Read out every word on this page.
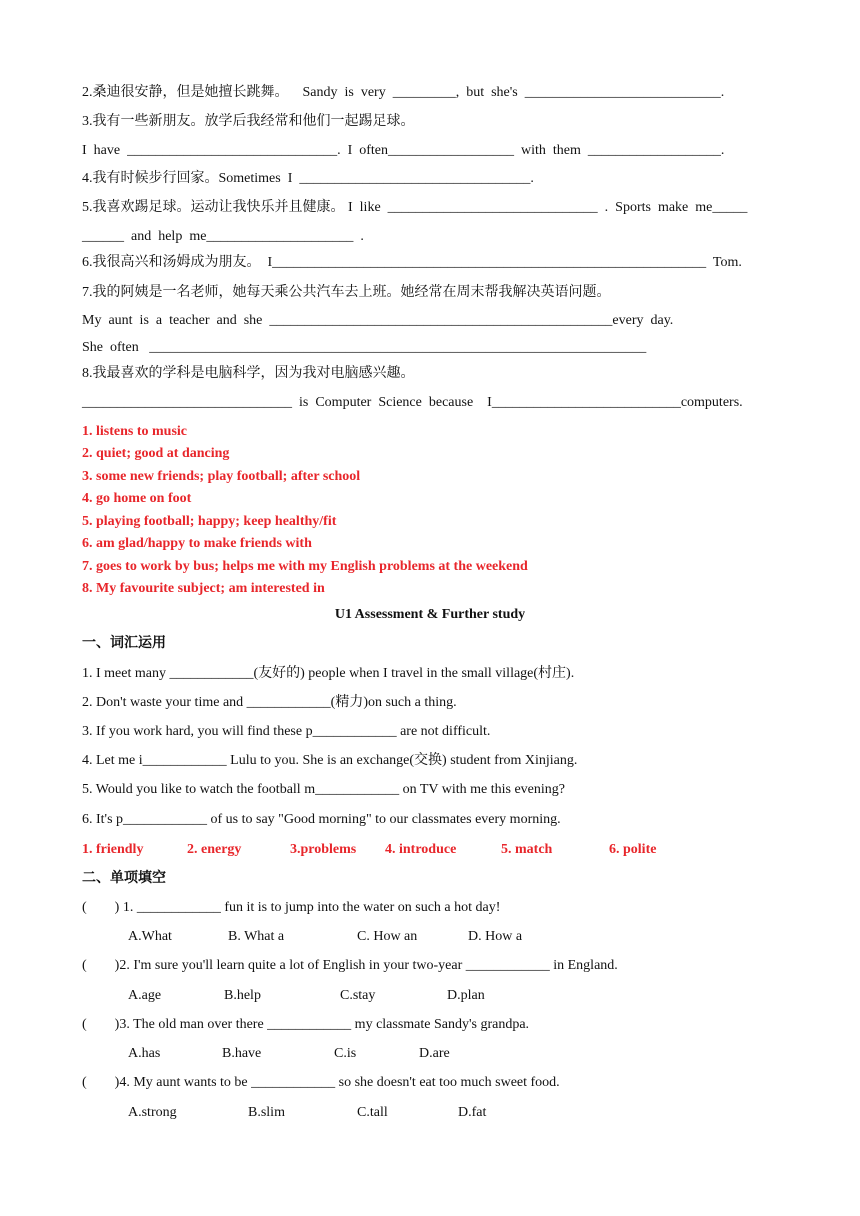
2.桑迪很安静，但是她擅长跳舞。    Sandy  is  very  _________,  but  she's  ____________________________.
3.我有一些新朋友。放学后我经常和他们一起踢足球。
I  have  ______________________________.  I  often__________________  with  them  ___________________.
4.我有时候步行回家。Sometimes  I  _________________________________.
5.我喜欢踢足球。运动让我快乐并且健康。 I  like  ______________________________  .  Sports  make  me_____
______  and  help  me_____________________  .
6.我很高兴和汤姆成为朋友。  I______________________________________________________________  Tom.
7.我的阿姨是一名老师，她每天乘公共汽车去上班。她经常在周末帮我解决英语问题。
My  aunt  is  a  teacher  and  she  _________________________________________________every  day.
She  often   _______________________________________________________________________
8.我最喜欢的学科是电脑科学，因为我对电脑感兴趣。
______________________________  is  Computer  Science  because    I___________________________computers.
1. listens to music
2. quiet; good at dancing
3. some new friends; play football; after school
4. go home on foot
5. playing football; happy; keep healthy/fit
6. am glad/happy to make friends with
7. goes to work by bus; helps me with my English problems at the weekend
8. My favourite subject; am interested in
U1 Assessment & Further study
一、词汇运用
1. I meet many ____________(友好的) people when I travel in the small village(村庄).
2. Don't waste your time and ____________(精力)on such a thing.
3. If you work hard, you will find these p____________ are not difficult.
4. Let me i____________ Lulu to you. She is an exchange(交换) student from Xinjiang.
5. Would you like to watch the football m____________ on TV with me this evening?
6. It's p____________ of us to say "Good morning" to our classmates every morning.
1. friendly	2. energy	3.problems 4. introduce	5. match	6. polite
二、单项填空
(        ) 1. ____________ fun it is to jump into the water on such a hot day!
A.What	B. What a	C. How an	D. How a
(        )2. I'm sure you'll learn quite a lot of English in your two-year ____________ in England.
A.age	B.help	C.stay	D.plan
(        )3. The old man over there ____________ my classmate Sandy's grandpa.
A.has	B.have	C.is	D.are
(        )4. My aunt wants to be ____________ so she doesn't eat too much sweet food.
A.strong	B.slim	C.tall	D.fat
